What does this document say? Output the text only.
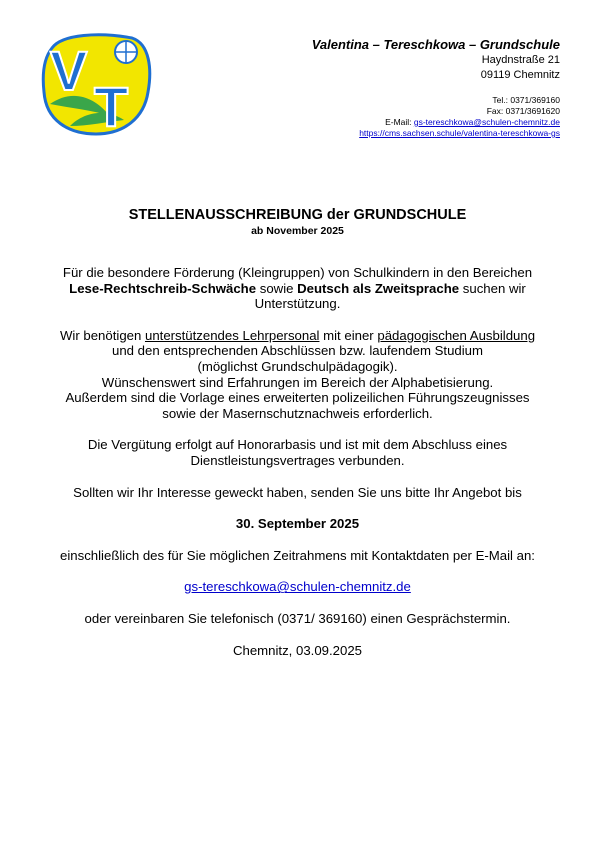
V
T
Valentina – Tereschkowa – Grundschule
Haydnstraße 21
09119 Chemnitz
Tel.: 0371/369160
Fax: 0371/3691620
E-Mail: gs-tereschkowa@schulen-chemnitz.de
https://cms.sachsen.schule/valentina-tereschkowa-gs
STELLENAUSSCHREIBUNG der GRUNDSCHULE
ab November 2025

Für die besondere Förderung (Kleingruppen) von Schulkindern in den Bereichen
Lese-Rechtschreib-Schwäche sowie Deutsch als Zweitsprache suchen wir
Unterstützung.

Wir benötigen unterstützendes Lehrpersonal mit einer pädagogischen Ausbildung
und den entsprechenden Abschlüssen bzw. laufendem Studium
(möglichst Grundschulpädagogik).
Wünschenswert sind Erfahrungen im Bereich der Alphabetisierung.
Außerdem sind die Vorlage eines erweiterten polizeilichen Führungszeugnisses
sowie der Masernschutznachweis erforderlich.

Die Vergütung erfolgt auf Honorarbasis und ist mit dem Abschluss eines
Dienstleistungsvertrages verbunden.

Sollten wir Ihr Interesse geweckt haben, senden Sie uns bitte Ihr Angebot bis

30. September 2025

einschließlich des für Sie möglichen Zeitrahmens mit Kontaktdaten per E-Mail an:

gs-tereschkowa@schulen-chemnitz.de

oder vereinbaren Sie telefonisch (0371/ 369160) einen Gesprächstermin.

Chemnitz, 03.09.2025
